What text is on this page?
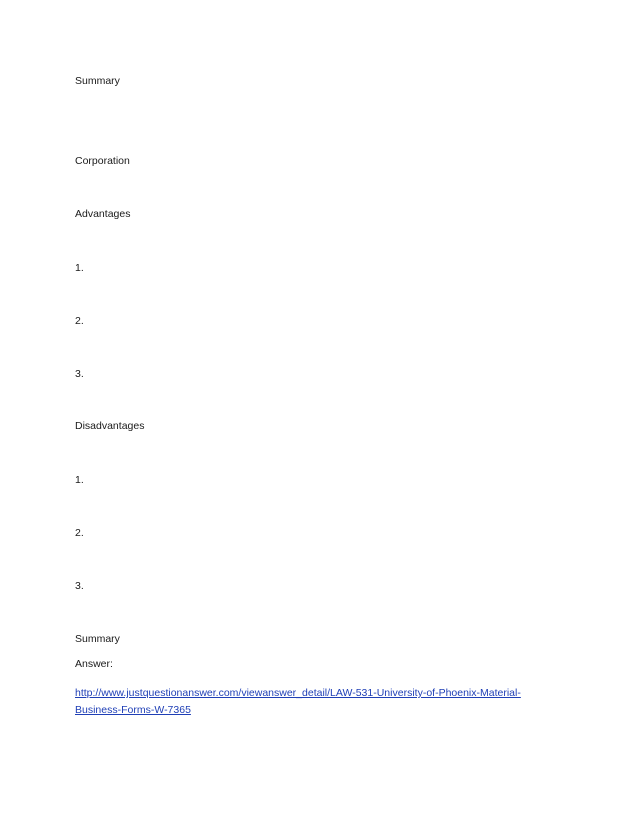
Summary
Corporation
Advantages
1.
2.
3.
Disadvantages
1.
2.
3.
Summary
Answer:
http://www.justquestionanswer.com/viewanswer_detail/LAW-531-University-of-Phoenix-Material-Business-Forms-W-7365
